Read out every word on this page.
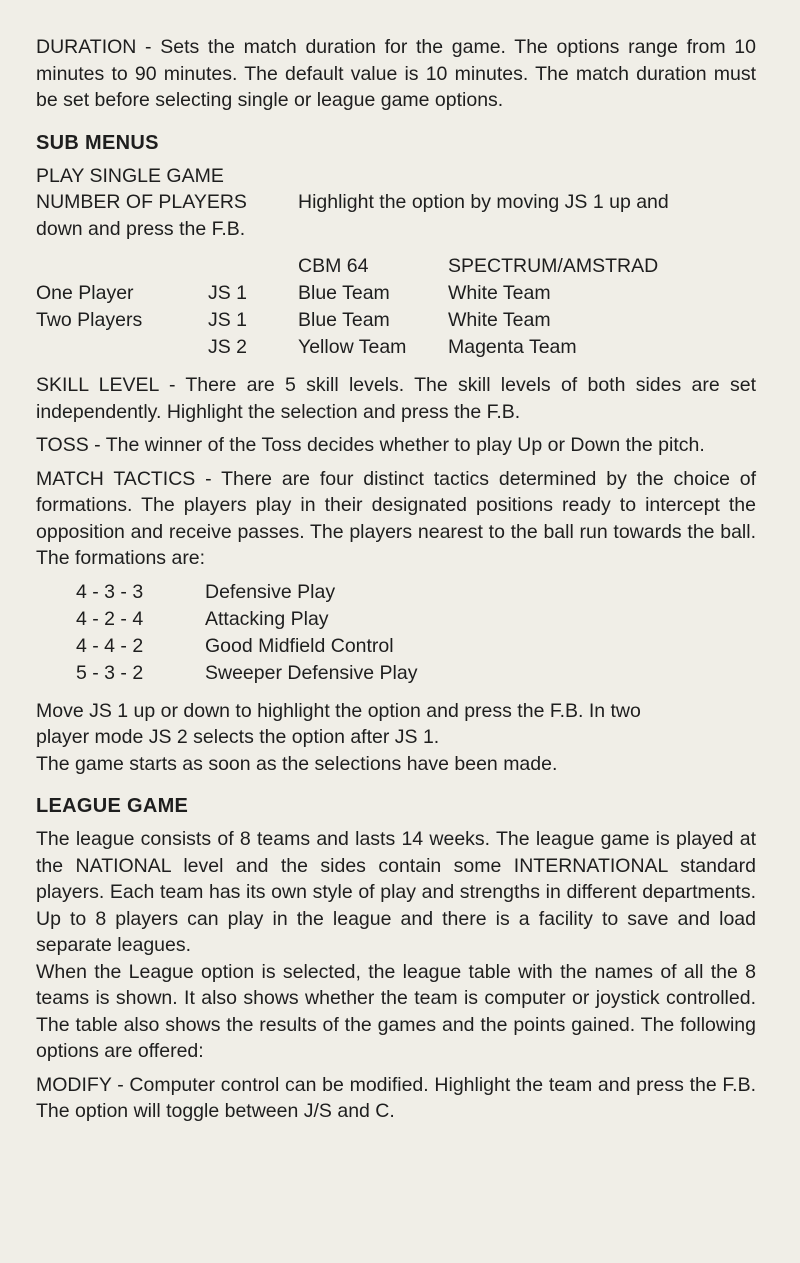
DURATION - Sets the match duration for the game. The options range from 10 minutes to 90 minutes. The default value is 10 minutes. The match duration must be set before selecting single or league game options.

SUB MENUS

PLAY SINGLE GAME

NUMBER OF PLAYERS	Highlight the option by moving JS 1 up and

down and press the F.B.

		CBM 64	SPECTRUM/AMSTRAD
One Player	JS 1	Blue Team	White Team
Two Players	JS 1	Blue Team	White Team
	JS 2	Yellow Team	Magenta Team

SKILL LEVEL - There are 5 skill levels. The skill levels of both sides are set independently. Highlight the selection and press the F.B.

TOSS - The winner of the Toss decides whether to play Up or Down the pitch.

MATCH TACTICS - There are four distinct tactics determined by the choice of formations. The players play in their designated positions ready to intercept the opposition and receive passes. The players nearest to the ball run towards the ball. The formations are:

4 - 3 - 3	Defensive Play
4 - 2 - 4	Attacking Play
4 - 4 - 2	Good Midfield Control
5 - 3 - 2	Sweeper Defensive Play

Move JS 1 up or down to highlight the option and press the F.B. In two

player mode JS 2 selects the option after JS 1.

The game starts as soon as the selections have been made.

LEAGUE GAME

The league consists of 8 teams and lasts 14 weeks. The league game is played at the NATIONAL level and the sides contain some INTERNATIONAL standard players. Each team has its own style of play and strengths in different departments. Up to 8 players can play in the league and there is a facility to save and load separate leagues.

When the League option is selected, the league table with the names of all the 8 teams is shown. It also shows whether the team is computer or joystick controlled. The table also shows the results of the games and the points gained. The following options are offered:

MODIFY - Computer control can be modified. Highlight the team and press the F.B. The option will toggle between J/S and C.
